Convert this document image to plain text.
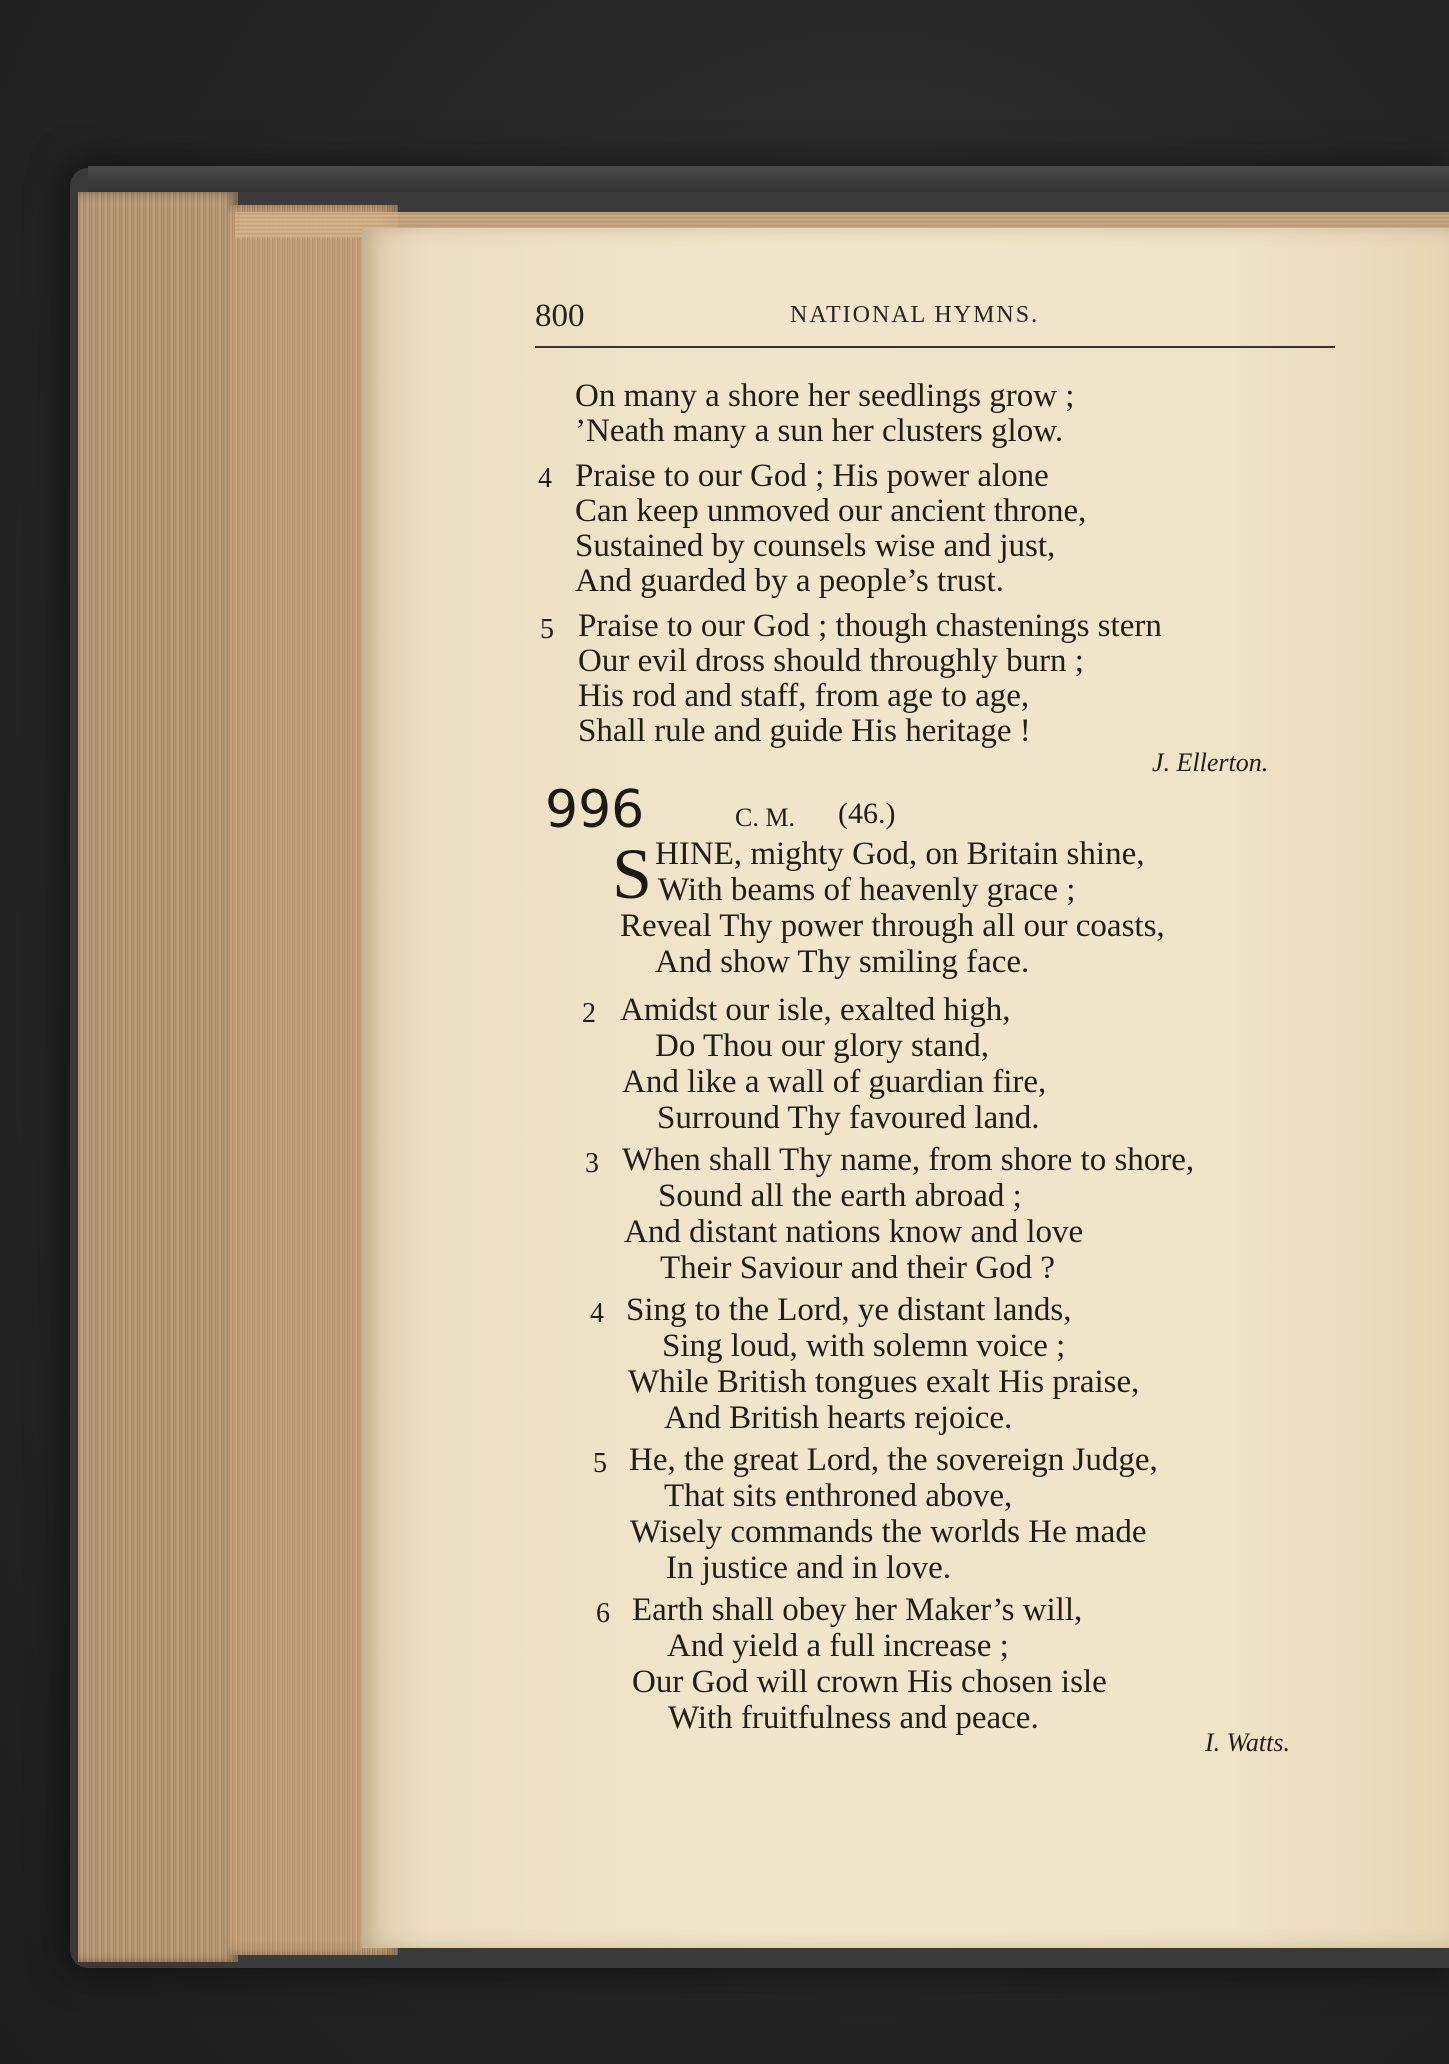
800	NATIONAL HYMNS.
On many a shore her seedlings grow ;
’Neath many a sun her clusters glow.
4 Praise to our God ; His power alone
Can keep unmoved our ancient throne,
Sustained by counsels wise and just,
And guarded by a people’s trust.
5 Praise to our God ; though chastenings stern
Our evil dross should throughly burn ;
His rod and staff, from age to age,
Shall rule and guide His heritage !
J. Ellerton.
996	C. M. (46.)
S HINE, mighty God, on Britain shine,
With beams of heavenly grace ;
Reveal Thy power through all our coasts,
And show Thy smiling face.
2 Amidst our isle, exalted high,
Do Thou our glory stand,
And like a wall of guardian fire,
Surround Thy favoured land.
3 When shall Thy name, from shore to shore,
Sound all the earth abroad ;
And distant nations know and love
Their Saviour and their God ?
4 Sing to the Lord, ye distant lands,
Sing loud, with solemn voice ;
While British tongues exalt His praise,
And British hearts rejoice.
5 He, the great Lord, the sovereign Judge,
That sits enthroned above,
Wisely commands the worlds He made
In justice and in love.
6 Earth shall obey her Maker’s will,
And yield a full increase ;
Our God will crown His chosen isle
With fruitfulness and peace.
I. Watts.
